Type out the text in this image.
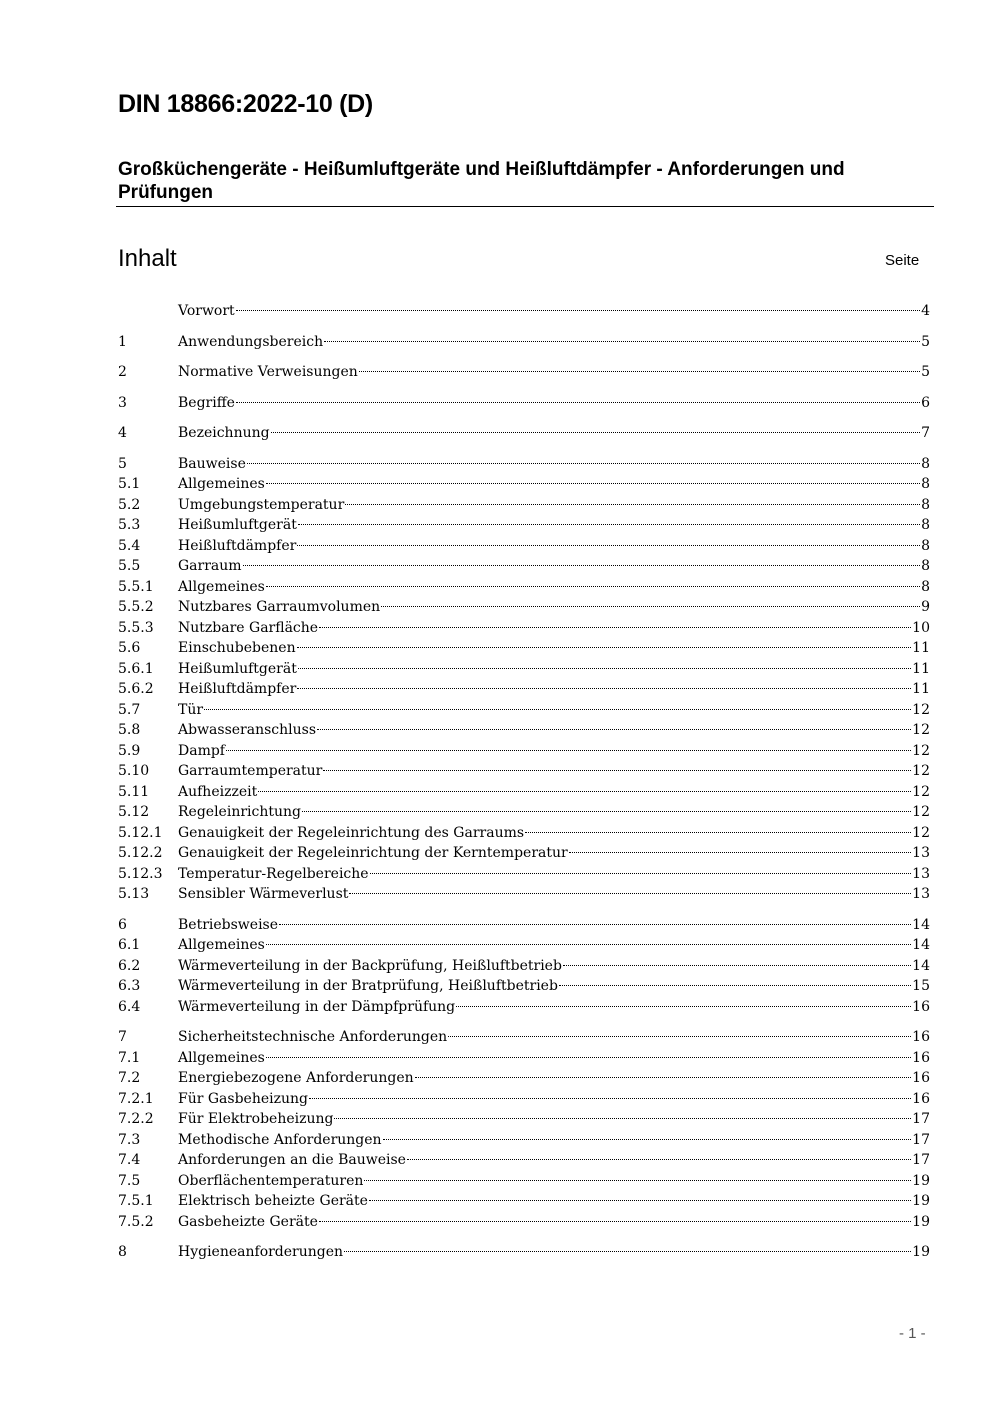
DIN 18866:2022-10 (D)
Großküchengeräte - Heißumluftgeräte und Heißluftdämpfer - Anforderungen und Prüfungen
Inhalt	Seite
Vorwort	4
1	Anwendungsbereich	5
2	Normative Verweisungen	5
3	Begriffe	6
4	Bezeichnung	7
5	Bauweise	8
5.1	Allgemeines	8
5.2	Umgebungstemperatur	8
5.3	Heißumluftgerät	8
5.4	Heißluftdämpfer	8
5.5	Garraum	8
5.5.1	Allgemeines	8
5.5.2	Nutzbares Garraumvolumen	9
5.5.3	Nutzbare Garfläche	10
5.6	Einschubebenen	11
5.6.1	Heißumluftgerät	11
5.6.2	Heißluftdämpfer	11
5.7	Tür	12
5.8	Abwasseranschluss	12
5.9	Dampf	12
5.10	Garraumtemperatur	12
5.11	Aufheizzeit	12
5.12	Regeleinrichtung	12
5.12.1	Genauigkeit der Regeleinrichtung des Garraums	12
5.12.2	Genauigkeit der Regeleinrichtung der Kerntemperatur	13
5.12.3	Temperatur-Regelbereiche	13
5.13	Sensibler Wärmeverlust	13
6	Betriebsweise	14
6.1	Allgemeines	14
6.2	Wärmeverteilung in der Backprüfung, Heißluftbetrieb	14
6.3	Wärmeverteilung in der Bratprüfung, Heißluftbetrieb	15
6.4	Wärmeverteilung in der Dämpfprüfung	16
7	Sicherheitstechnische Anforderungen	16
7.1	Allgemeines	16
7.2	Energiebezogene Anforderungen	16
7.2.1	Für Gasbeheizung	16
7.2.2	Für Elektrobeheizung	17
7.3	Methodische Anforderungen	17
7.4	Anforderungen an die Bauweise	17
7.5	Oberflächentemperaturen	19
7.5.1	Elektrisch beheizte Geräte	19
7.5.2	Gasbeheizte Geräte	19
8	Hygieneanforderungen	19
- 1 -
